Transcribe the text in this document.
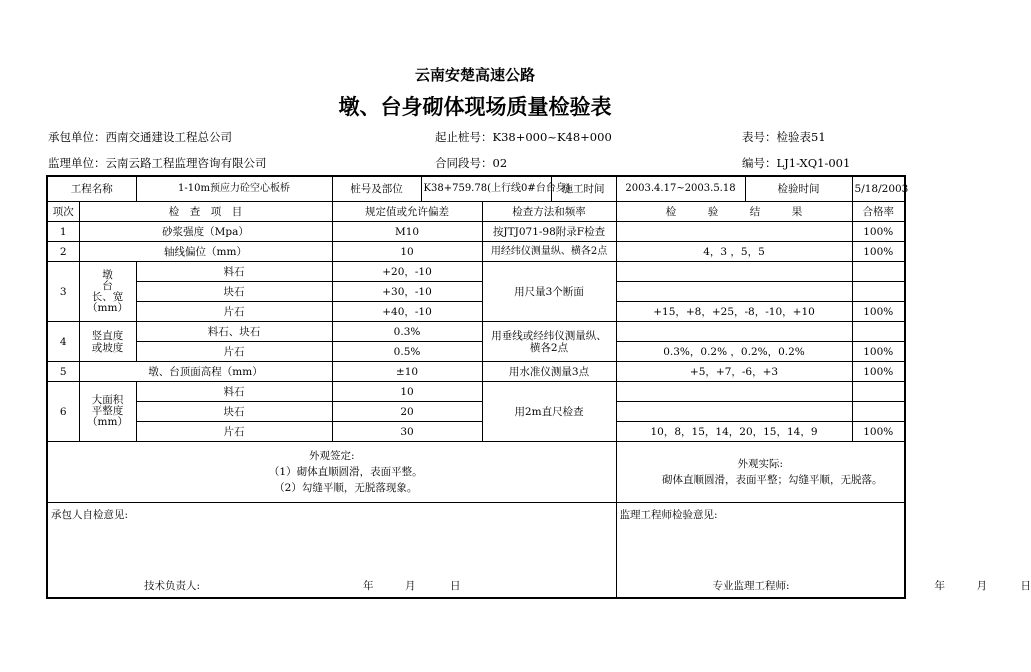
云南安楚高速公路
墩、台身砌体现场质量检验表
承包单位：西南交通建设工程总公司	起止桩号：K38+000~K48+000	表号：检验表51
监理单位：云南云路工程监理咨询有限公司	合同段号：02	编号：LJ1-XQ1-001
工程名称	1-10m预应力砼空心板桥		桩号及部位	K38+759.78(上行线0#台台身)
	施工时间	2003.4.17~2003.5.18	检验时间
		5/18/2003
项次	检　查　项　目	规定值或允许偏差	检查方法和频率	检　　　验　　　结　　　果	合格率
1	砂浆强度（Mpa）	M10	按JTJ071-98附录F检查		100%
2	轴线偏位（mm）	10	用经纬仪测量纵、横各2点	4，3 ，5，5	100%
3	墩
台
长、宽
（mm）	料石	+20，-10	用尺量3个断面		
块石	+30，-10		
片石	+40，-10	+15，+8，+25，-8，-10，+10	100%
4	竖直度
或坡度	料石、块石	0.3%	用垂线或经纬仪测量纵、
横各2点		
片石	0.5%	0.3%，0.2% ，0.2%，0.2%	100%
5	墩、台顶面高程（mm）	±10	用水准仪测量3点	+5，+7，-6，+3	100%
6	大面积
平整度
（mm）	料石	10	用2m直尺检查		
块石	20		
片石	30	10，8，15，14，20，15，14，9	100%
外观签定:
（1）砌体直顺圆滑，表面平整。
（2）勾缝平顺，无脱落现象。
	外观实际:
砌体直顺圆滑，表面平整；勾缝平顺，无脱落。

承包人自检意见:
技术负责人:	年	月	日

监理工程师检验意见:
专业监理工程师:	年	月	日
